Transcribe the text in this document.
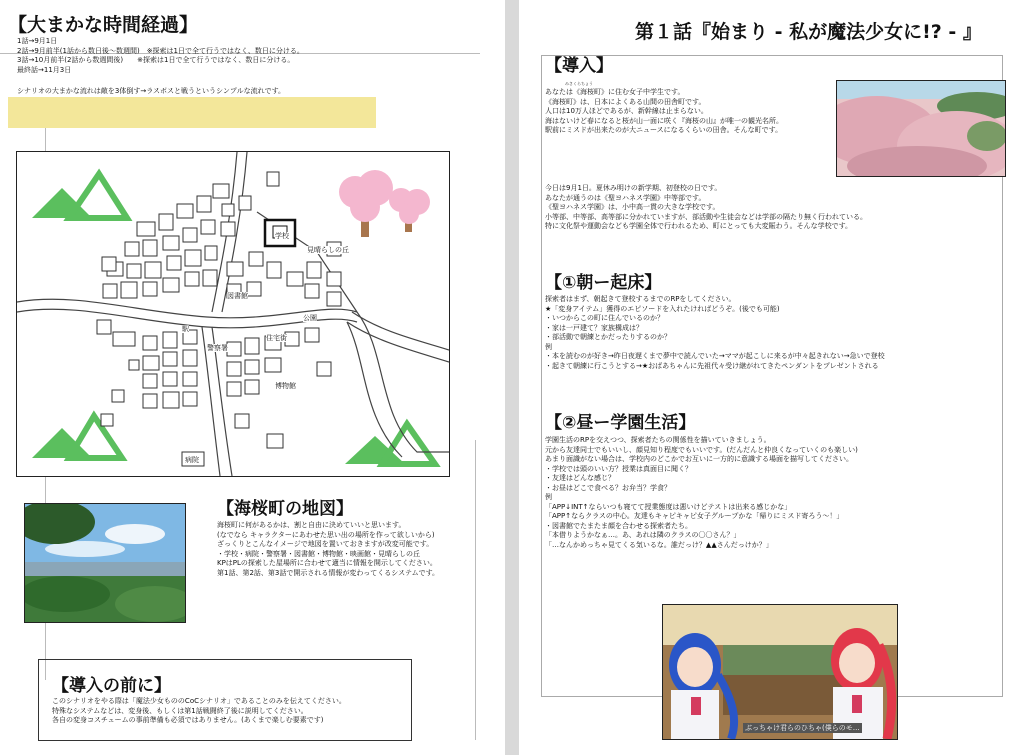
【大まかな時間経過】
1話→9月1日
2話→9月前半(1話から数日後〜数週間)　※探索は1日で全て行うではなく、数日に分ける。
3話→10月前半(2話から数週間後)　　※探索は1日で全て行うではなく、数日に分ける。
最終話→11月3日
シナリオの大まかな流れは敵を3体倒す→ラスボスと戦うというシンプルな流れです。
学校
見晴らしの丘
図書館
駅
公園
住宅街
警察署
博物館
病院
【海桜町の地図】
海桜町に何があるかは、割と自由に決めていいと思います。
(なでなら キャラクターにあわせた思い出の場所を作って欲しいから)
ざっくりとこんなイメージで地図を置いておきますが改変可能です。
・学校・病院・警察署・図書館・博物館・映画館・見晴らしの丘
KPはPLの探索した屋場所に合わせて適当に情報を開示してください。
第1話、第2話、第3話で開示される情報が変わってくるシステムです。
【導入の前に】
このシナリオをやる際は「魔法少女もののCoCシナリオ」であることのみを伝えてください。
特殊なシステムなどは、変身後、もしくは第1話戦闘終了後に説明してください。
各自の変身コスチュームの事前準備も必須ではありません。(あくまで楽しむ要素です)
第１話『始まり - 私が魔法少女に!? - 』
【導入】
みさくらちょう
あなたは《海桜町》に住む女子中学生です。
《海桜町》は、日本によくある山間の田舎町です。
人口は10万人ほどであるが、新幹線は止まらない。
海はないけど春になると桜が山一面に咲く『海桜の山』が唯一の観光名所。
駅前にミスドが出来たのが大ニュースになるくらいの田舎。そんな町です。
今日は9月1日。夏休み明けの新学期、初登校の日です。
あなたが通うのは《聖ヨハネス学園》中等部です。
《聖ヨハネス学園》は、小中高一貫の大きな学校です。
小等部、中等部、高等部に分かれていますが、部活動や生徒会などは学部の隔たり無く行われている。
特に文化祭や運動会なども学園全体で行われるため、町にとっても大変賑わう。そんな学校です。
【①朝ー起床】
探索者はまず、朝起きて登校するまでのRPをしてください。
★「変身アイテム」獲得のエピソードを入れたければどうぞ。(後でも可能)
・いつからこの町に住んでいるのか？
・家は一戸建て？家族構成は？
・部活動で朝練とかだったりするのか？
例
・本を読むのが好き→昨日夜遅くまで夢中で読んでいた→ママが起こしに来るが中々起きれない→急いで登校
・起きて朝練に行こうとする→★おばあちゃんに先祖代々受け継がれてきたペンダントをプレゼントされる
【②昼ー学園生活】
学園生活のRPを交えつつ、探索者たちの関係性を描いていきましょう。
元から友達同士でもいいし、顔見知り程度でもいいです。(だんだんと仲良くなっていくのも楽しい)
あまり面識がない場合は、学校内のどこかでお互いに一方的に意識する場面を描写してください。
・学校では頭のいい方？授業は真面目に聞く？
・友達はどんな感じ？
・お昼はどこで食べる？お弁当？学食？
例
「APP↓INT↑ならいつも寝てて授業態度は悪いけどテストは出来る感じかな」
「APP↑ならクラスの中心。友達もキャピキャピ女子グループかな「帰りにミスド寄ろう〜！」
・図書館でたまたま顔を合わせる探索者たち。
「本借りようかなぁ…。あ、あれは隣のクラスの〇〇さん？」
「…なんかめっちゃ見てくる気いるな。誰だっけ？▲▲さんだっけか？」
ぶっちゃけ君らのひちゃ(僕らのモ…
